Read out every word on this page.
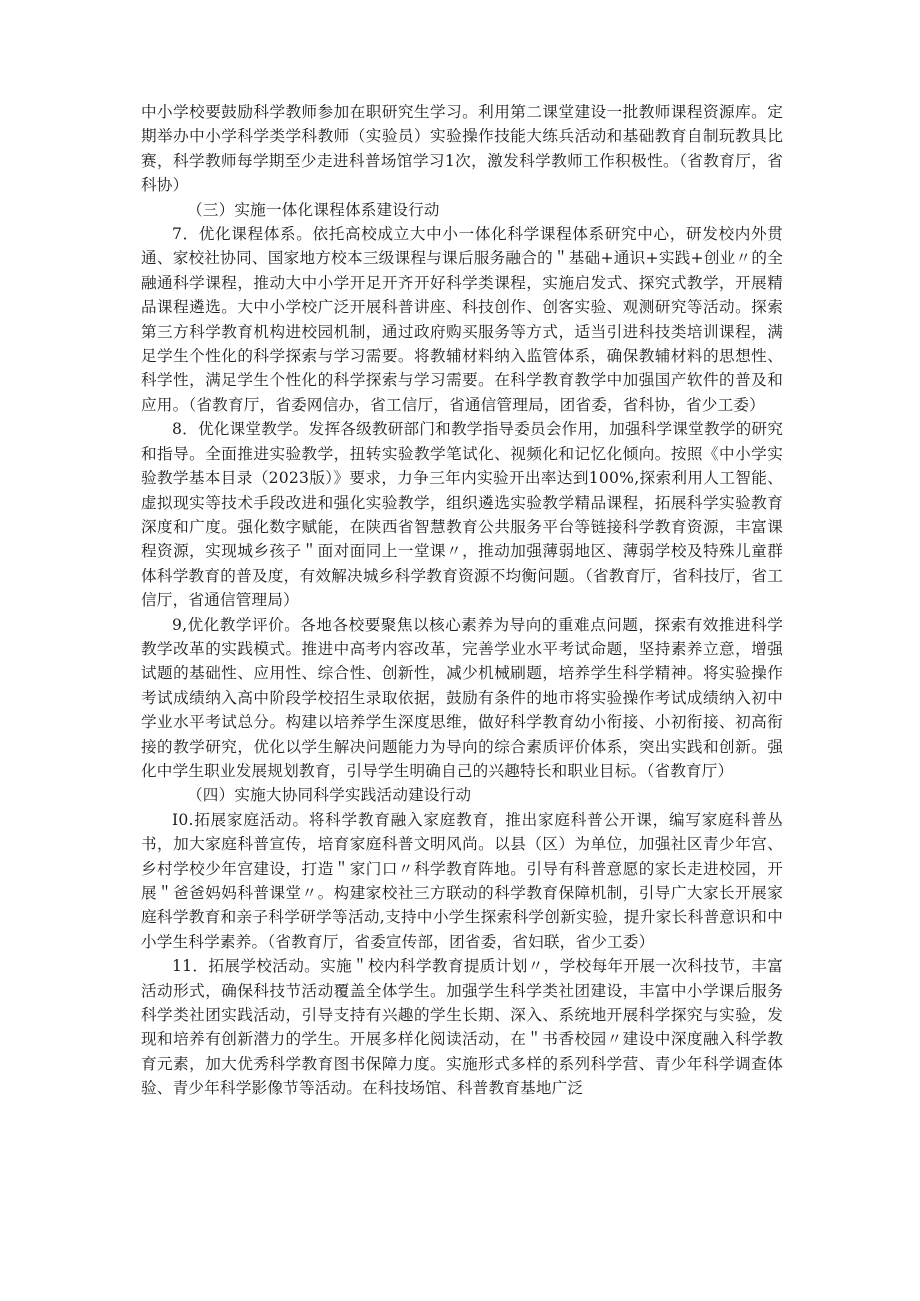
中小学校要鼓励科学教师参加在职研究生学习。利用第二课堂建设一批教师课程资源库。定期举办中小学科学类学科教师（实验员）实验操作技能大练兵活动和基础教育自制玩教具比赛，科学教师每学期至少走进科普场馆学习1次，激发科学教师工作积极性。（省教育厅，省科协）

（三）实施一体化课程体系建设行动

7．优化课程体系。依托高校成立大中小一体化科学课程体系研究中心，研发校内外贯通、家校社协同、国家地方校本三级课程与课后服务融合的＂基础+通识+实践+创业〃的全融通科学课程，推动大中小学开足开齐开好科学类课程，实施启发式、探究式教学，开展精品课程遴选。大中小学校广泛开展科普讲座、科技创作、创客实验、观测研究等活动。探索第三方科学教育机构进校园机制，通过政府购买服务等方式，适当引进科技类培训课程，满足学生个性化的科学探索与学习需要。将教辅材料纳入监管体系，确保教辅材料的思想性、科学性，满足学生个性化的科学探索与学习需要。在科学教育教学中加强国产软件的普及和应用。（省教育厅，省委网信办，省工信厅，省通信管理局，团省委，省科协，省少工委）

8．优化课堂教学。发挥各级教研部门和教学指导委员会作用，加强科学课堂教学的研究和指导。全面推进实验教学，扭转实验教学笔试化、视频化和记忆化倾向。按照《中小学实验教学基本目录（2023版）》要求，力争三年内实验开出率达到100%,探索利用人工智能、虚拟现实等技术手段改进和强化实验教学，组织遴选实验教学精品课程，拓展科学实验教育深度和广度。强化数字赋能，在陕西省智慧教育公共服务平台等链接科学教育资源，丰富课程资源，实现城乡孩子＂面对面同上一堂课〃，推动加强薄弱地区、薄弱学校及特殊儿童群体科学教育的普及度，有效解决城乡科学教育资源不均衡问题。（省教育厅，省科技厅，省工信厅，省通信管理局）

9,优化教学评价。各地各校要聚焦以核心素养为导向的重难点问题，探索有效推进科学教学改革的实践模式。推进中高考内容改革，完善学业水平考试命题，坚持素养立意，增强试题的基础性、应用性、综合性、创新性，减少机械刷题，培养学生科学精神。将实验操作考试成绩纳入高中阶段学校招生录取依据，鼓励有条件的地市将实验操作考试成绩纳入初中学业水平考试总分。构建以培养学生深度思维，做好科学教育幼小衔接、小初衔接、初高衔接的教学研究，优化以学生解决问题能力为导向的综合素质评价体系，突出实践和创新。强化中学生职业发展规划教育，引导学生明确自己的兴趣特长和职业目标。（省教育厅）

（四）实施大协同科学实践活动建设行动

I0.拓展家庭活动。将科学教育融入家庭教育，推出家庭科普公开课，编写家庭科普丛书，加大家庭科普宣传，培育家庭科普文明风尚。以县（区）为单位，加强社区青少年宫、乡村学校少年宫建设，打造＂家门口〃科学教育阵地。引导有科普意愿的家长走进校园，开展＂爸爸妈妈科普课堂〃。构建家校社三方联动的科学教育保障机制，引导广大家长开展家庭科学教育和亲子科学研学等活动,支持中小学生探索科学创新实验，提升家长科普意识和中小学生科学素养。（省教育厅，省委宣传部，团省委，省妇联，省少工委）

11．拓展学校活动。实施＂校内科学教育提质计划〃，学校每年开展一次科技节，丰富活动形式，确保科技节活动覆盖全体学生。加强学生科学类社团建设，丰富中小学课后服务科学类社团实践活动，引导支持有兴趣的学生长期、深入、系统地开展科学探究与实验，发现和培养有创新潜力的学生。开展多样化阅读活动，在＂书香校园〃建设中深度融入科学教育元素，加大优秀科学教育图书保障力度。实施形式多样的系列科学营、青少年科学调查体验、青少年科学影像节等活动。在科技场馆、科普教育基地广泛
